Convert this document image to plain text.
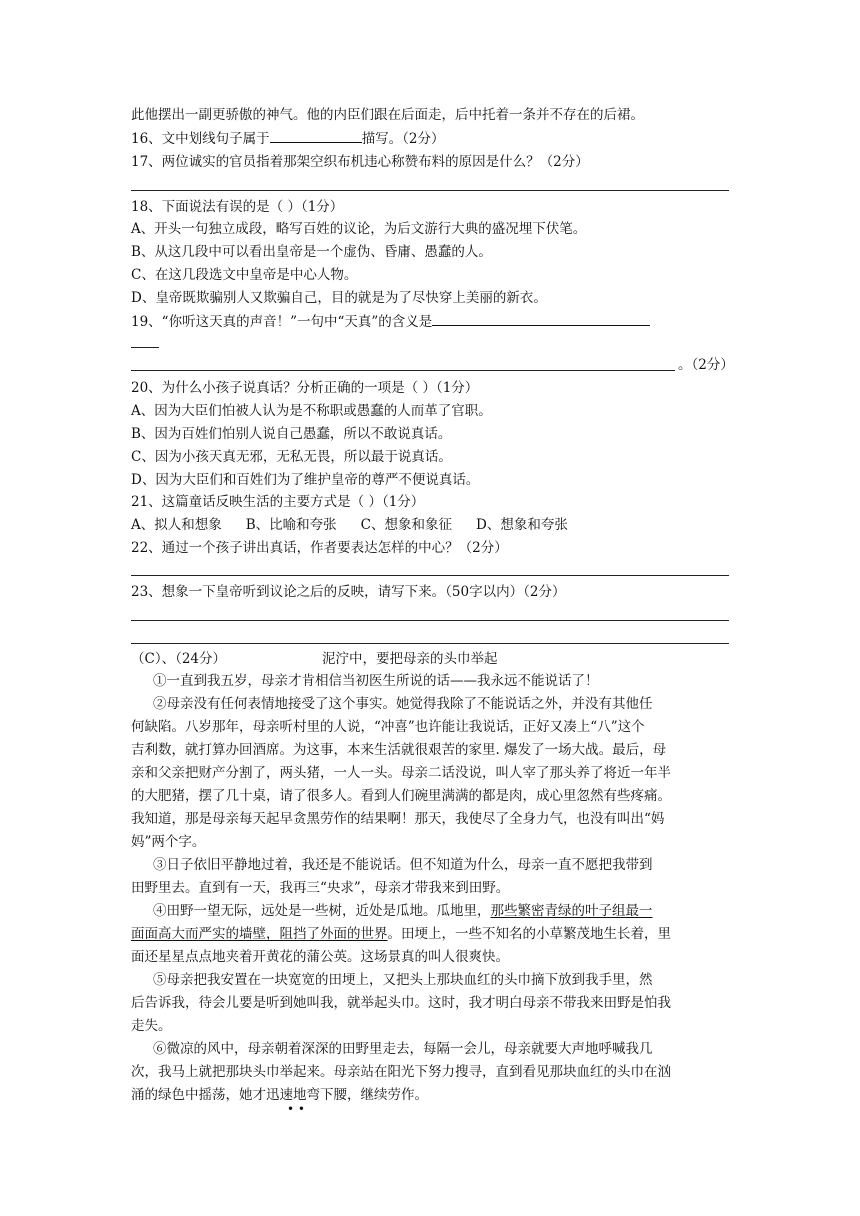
此他摆出一副更骄傲的神气。他的内臣们跟在后面走，后中托着一条并不存在的后裙。
16、文中划线句子属于	描写。（2分）
17、两位诚实的官员指着那架空织布机违心称赞布料的原因是什么？（2分）
18、下面说法有误的是（ ）（1分）
A、开头一句独立成段，略写百姓的议论，为后文游行大典的盛况埋下伏笔。
B、从这几段中可以看出皇帝是一个虚伪、昏庸、愚蠢的人。
C、在这几段选文中皇帝是中心人物。
D、皇帝既欺骗别人又欺骗自己，目的就是为了尽快穿上美丽的新衣。
19、“你听这天真的声音！”一句中“天真”的含义是
。（2分）
20、为什么小孩子说真话？分析正确的一项是（ ）（1分）
A、因为大臣们怕被人认为是不称职或愚蠢的人而革了官职。
B、因为百姓们怕别人说自己愚蠢，所以不敢说真话。
C、因为小孩天真无邪，无私无畏，所以最于说真话。
D、因为大臣们和百姓们为了维护皇帝的尊严不便说真话。
21、这篇童话反映生活的主要方式是（ ）（1分）
A、拟人和想象 B、比喻和夸张 C、想象和象征 D、想象和夸张
22、通过一个孩子讲出真话，作者要表达怎样的中心？（2分）
23、想象一下皇帝听到议论之后的反映，请写下来。（50字以内）（2分）
（C）、（24分）	泥泞中，要把母亲的头巾举起
①一直到我五岁，母亲才肯相信当初医生所说的话——我永远不能说话了！
②母亲没有任何表情地接受了这个事实。她觉得我除了不能说话之外，并没有其他任
何缺陷。八岁那年，母亲听村里的人说，“冲喜”也许能让我说话，正好又凑上“八”这个
吉利数，就打算办回酒席。为这事，本来生活就很艰苦的家里. 爆发了一场大战。最后，母
亲和父亲把财产分割了，两头猪，一人一头。母亲二话没说，叫人宰了那头养了将近一年半
的大肥猪，摆了几十桌，请了很多人。看到人们碗里满满的都是肉，成心里忽然有些疼痛。
我知道，那是母亲每天起早贪黑劳作的结果啊！那天，我使尽了全身力气，也没有叫出“妈
妈”两个字。
③日子依旧平静地过着，我还是不能说话。但不知道为什么，母亲一直不愿把我带到
田野里去。直到有一天，我再三“央求”，母亲才带我来到田野。
④田野一望无际，远处是一些树，近处是瓜地。瓜地里，那些繁密青绿的叶子组最一
面面高大而严实的墙壁，阻挡了外面的世界。田埂上，一些不知名的小草繁茂地生长着，里
面还星星点点地夹着开黄花的蒲公英。这场景真的叫人很爽快。
⑤母亲把我安置在一块宽宽的田埂上，又把头上那块血红的头巾摘下放到我手里，然
后告诉我，待会儿要是听到她叫我，就举起头巾。这时，我才明白母亲不带我来田野是怕我
走失。
⑥微凉的风中，母亲朝着深深的田野里走去，每隔一会儿，母亲就要大声地呼喊我几
次，我马上就把那块头巾举起来。母亲站在阳光下努力搜寻，直到看见那块血红的头巾在汹
涌的绿色中摇荡，她才迅速地弯下腰，继续劳作。
• •
